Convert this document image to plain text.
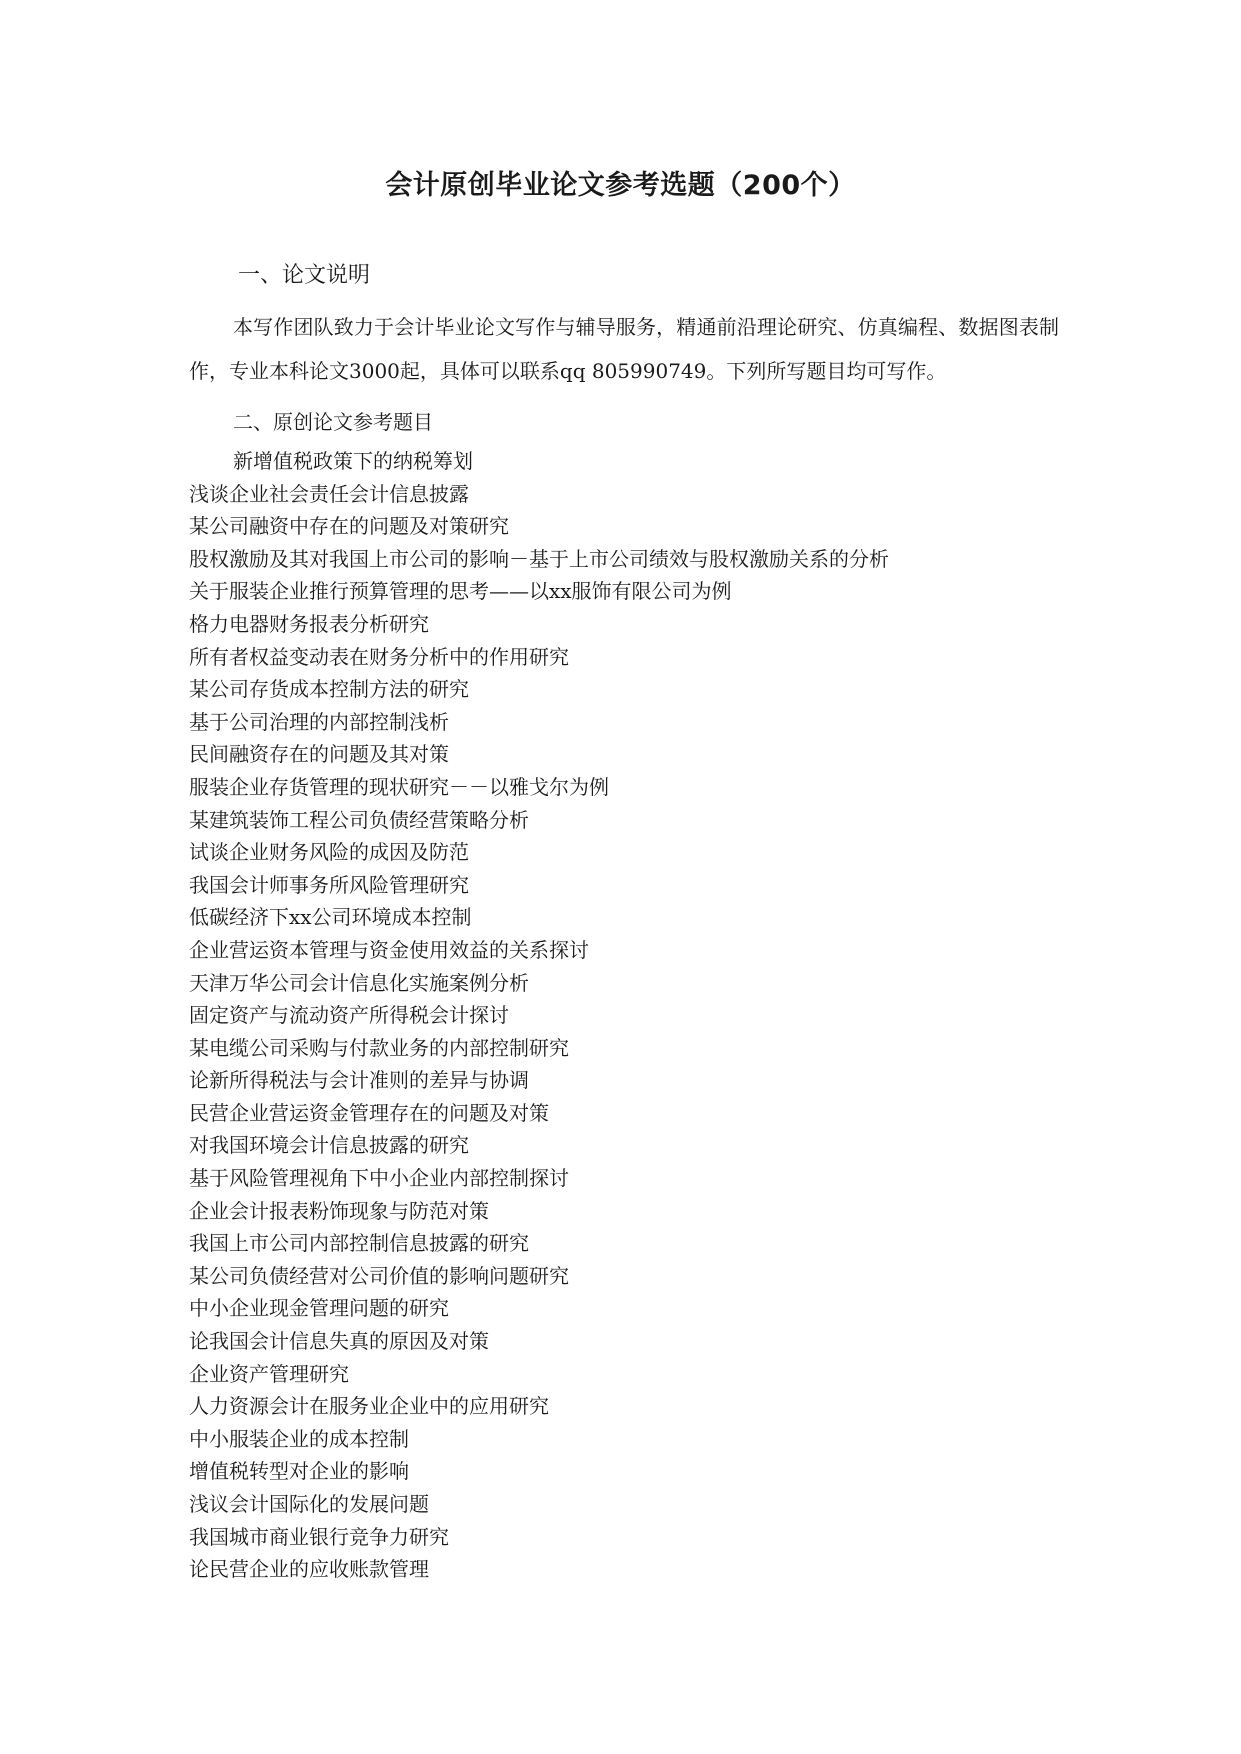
会计原创毕业论文参考选题（200个）
一、论文说明
本写作团队致力于会计毕业论文写作与辅导服务，精通前沿理论研究、仿真编程、数据图表制作，专业本科论文3000起，具体可以联系qq 805990749。下列所写题目均可写作。
二、原创论文参考题目
新增值税政策下的纳税筹划
浅谈企业社会责任会计信息披露
某公司融资中存在的问题及对策研究
股权激励及其对我国上市公司的影响－基于上市公司绩效与股权激励关系的分析
关于服装企业推行预算管理的思考——以xx服饰有限公司为例
格力电器财务报表分析研究
所有者权益变动表在财务分析中的作用研究
某公司存货成本控制方法的研究
基于公司治理的内部控制浅析
民间融资存在的问题及其对策
服装企业存货管理的现状研究－－以雅戈尔为例
某建筑装饰工程公司负债经营策略分析
试谈企业财务风险的成因及防范
我国会计师事务所风险管理研究
低碳经济下xx公司环境成本控制
企业营运资本管理与资金使用效益的关系探讨
天津万华公司会计信息化实施案例分析
固定资产与流动资产所得税会计探讨
某电缆公司采购与付款业务的内部控制研究
论新所得税法与会计准则的差异与协调
民营企业营运资金管理存在的问题及对策
对我国环境会计信息披露的研究
基于风险管理视角下中小企业内部控制探讨
企业会计报表粉饰现象与防范对策
我国上市公司内部控制信息披露的研究
某公司负债经营对公司价值的影响问题研究
中小企业现金管理问题的研究
论我国会计信息失真的原因及对策
企业资产管理研究
人力资源会计在服务业企业中的应用研究
中小服装企业的成本控制
增值税转型对企业的影响
浅议会计国际化的发展问题
我国城市商业银行竞争力研究
论民营企业的应收账款管理
